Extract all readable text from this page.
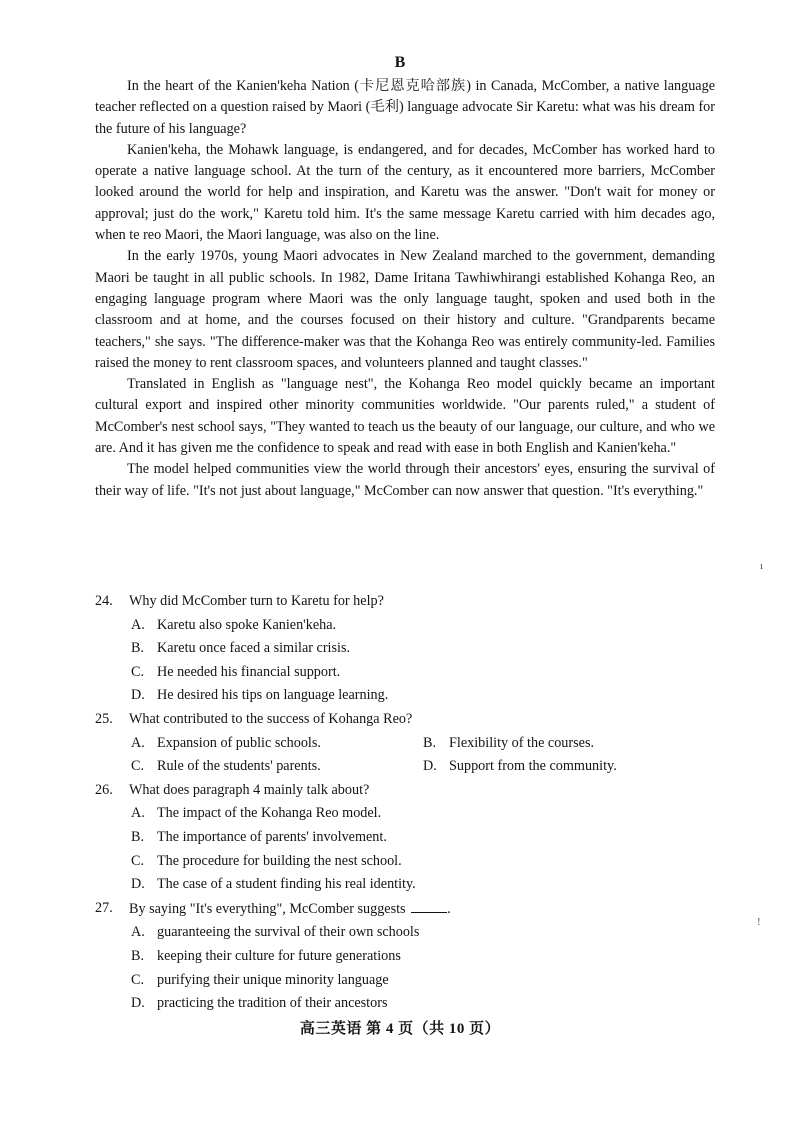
B

In the heart of the Kanien'keha Nation (卡尼恩克哈部族) in Canada, McComber, a native language teacher reflected on a question raised by Maori (毛利) language advocate Sir Karetu: what was his dream for the future of his language?

Kanien'keha, the Mohawk language, is endangered, and for decades, McComber has worked hard to operate a native language school. At the turn of the century, as it encountered more barriers, McComber looked around the world for help and inspiration, and Karetu was the answer. "Don't wait for money or approval; just do the work," Karetu told him. It's the same message Karetu carried with him decades ago, when te reo Maori, the Maori language, was also on the line.

In the early 1970s, young Maori advocates in New Zealand marched to the government, demanding Maori be taught in all public schools. In 1982, Dame Iritana Tawhiwhirangi established Kohanga Reo, an engaging language program where Maori was the only language taught, spoken and used both in the classroom and at home, and the courses focused on their history and culture. "Grandparents became teachers," she says. "The difference-maker was that the Kohanga Reo was entirely community-led. Families raised the money to rent classroom spaces, and volunteers planned and taught classes."

Translated in English as "language nest", the Kohanga Reo model quickly became an important cultural export and inspired other minority communities worldwide. "Our parents ruled," a student of McComber's nest school says, "They wanted to teach us the beauty of our language, our culture, and who we are. And it has given me the confidence to speak and read with ease in both English and Kanien'keha."

The model helped communities view the world through their ancestors' eyes, ensuring the survival of their way of life. "It's not just about language," McComber can now answer that question. "It's everything."

24.	Why did McComber turn to Karetu for help?
A. Karetu also spoke Kanien'keha.
B. Karetu once faced a similar crisis.
C. He needed his financial support.
D. He desired his tips on language learning.
25.	What contributed to the success of Kohanga Reo?
A. Expansion of public schools.	B. Flexibility of the courses.
C. Rule of the students' parents.	D. Support from the community.
26.	What does paragraph 4 mainly talk about?
A. The impact of the Kohanga Reo model.
B. The importance of parents' involvement.
C. The procedure for building the nest school.
D. The case of a student finding his real identity.
27.	By saying "It's everything", McComber suggests	.
A. guaranteeing the survival of their own schools
B. keeping their culture for future generations
C. purifying their unique minority language
D. practicing the tradition of their ancestors
高三英语 第 4 页（共 10 页）
ı
ǃ
